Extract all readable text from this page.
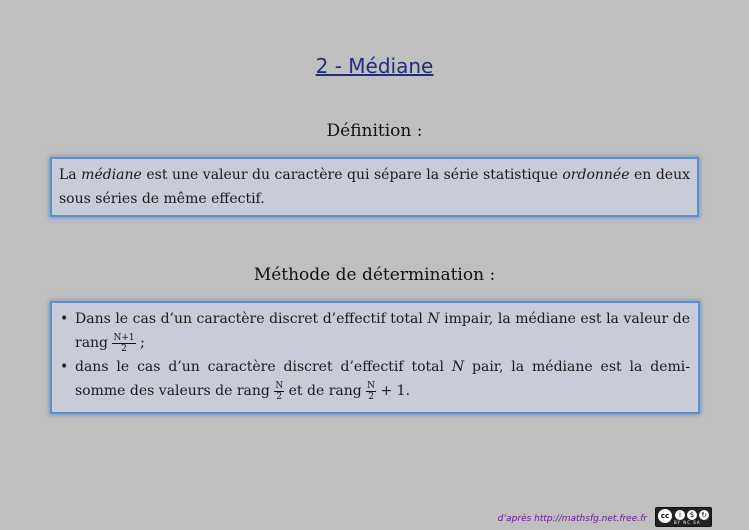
2 - Médiane
Définition :
La médiane est une valeur du caractère qui sépare la série statistique ordonnée en deux sous séries de même effectif.
Méthode de détermination :
• Dans le cas d’un caractère discret d’effectif total N impair, la médiane est la valeur de rang $\frac{N+1}{2}$ ;
• dans le cas d’un caractère discret d’effectif total N pair, la médiane est la demi-somme des valeurs de rang $\frac{N}{2}$ et de rang $\frac{N}{2} + 1$.
d’après http://mathsfg.net.free.fr	cc	i	$ ↻
BY NC SA
